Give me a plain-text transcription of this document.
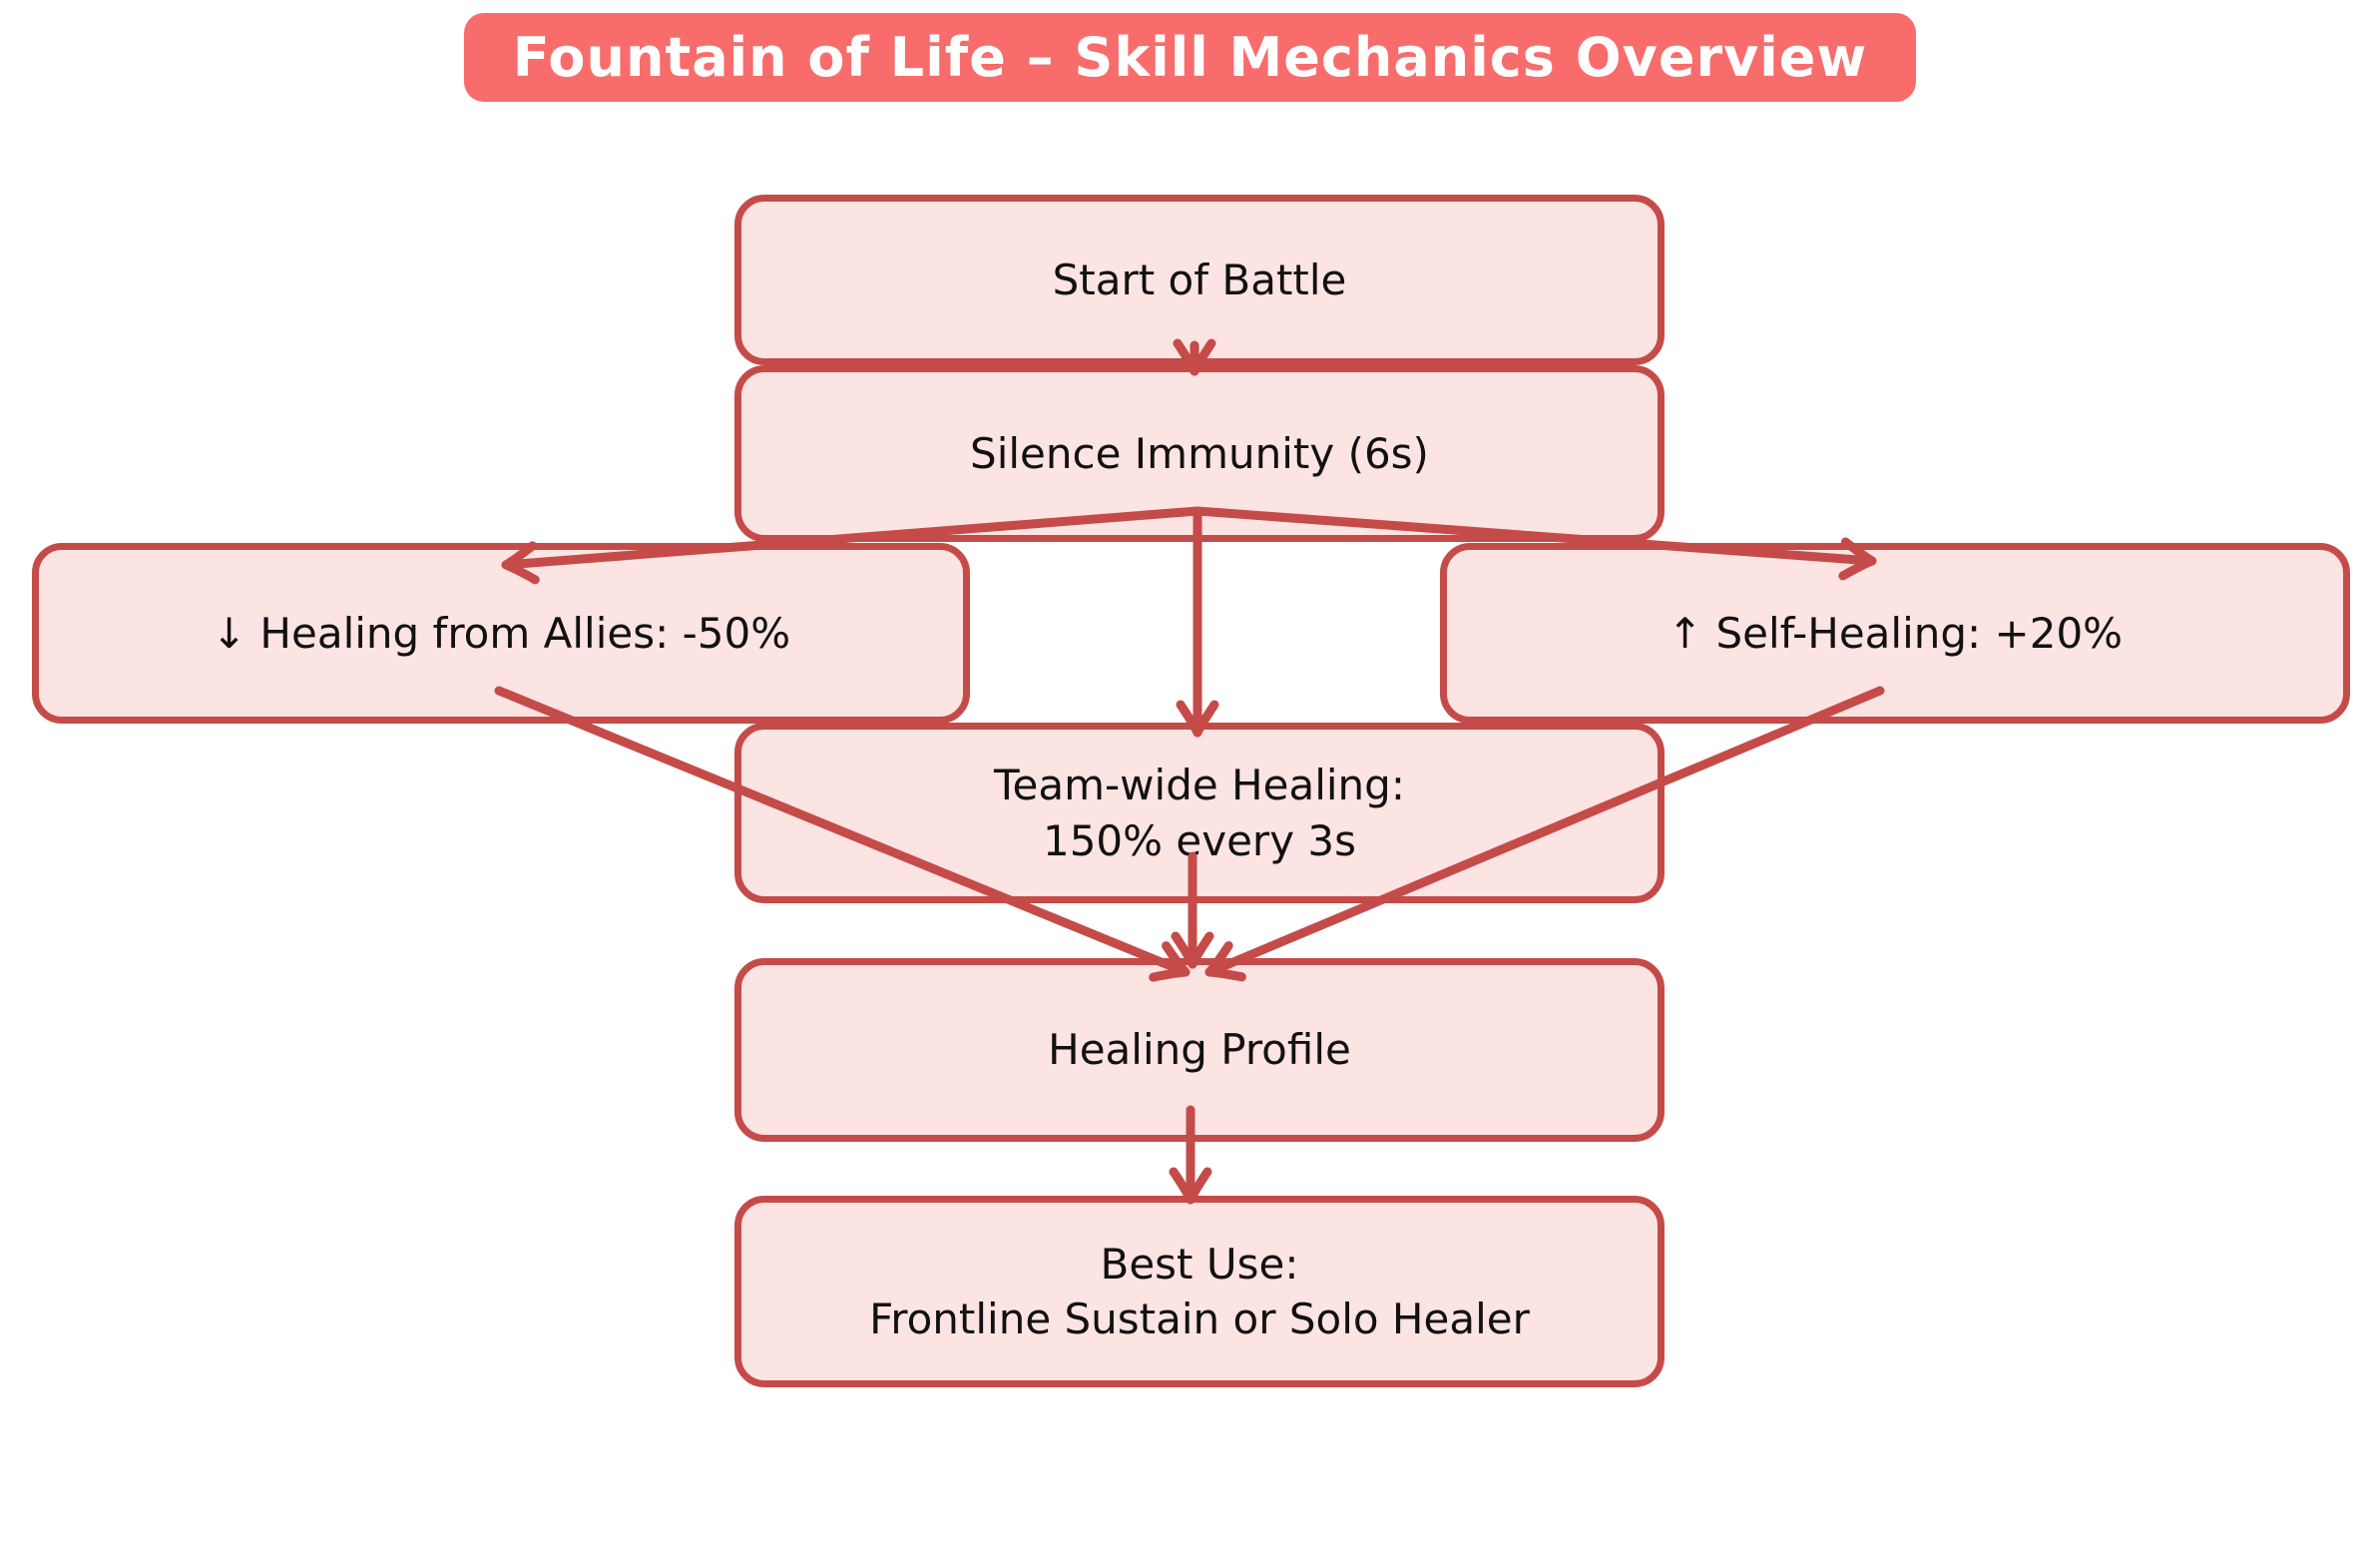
Fountain of Life – Skill Mechanics Overview
Start of Battle
Silence Immunity (6s)
↓ Healing from Allies: -50%	↑ Self-Healing: +20%
Team-wide Healing:
150% every 3s
Healing Profile
Best Use:
Frontline Sustain or Solo Healer
